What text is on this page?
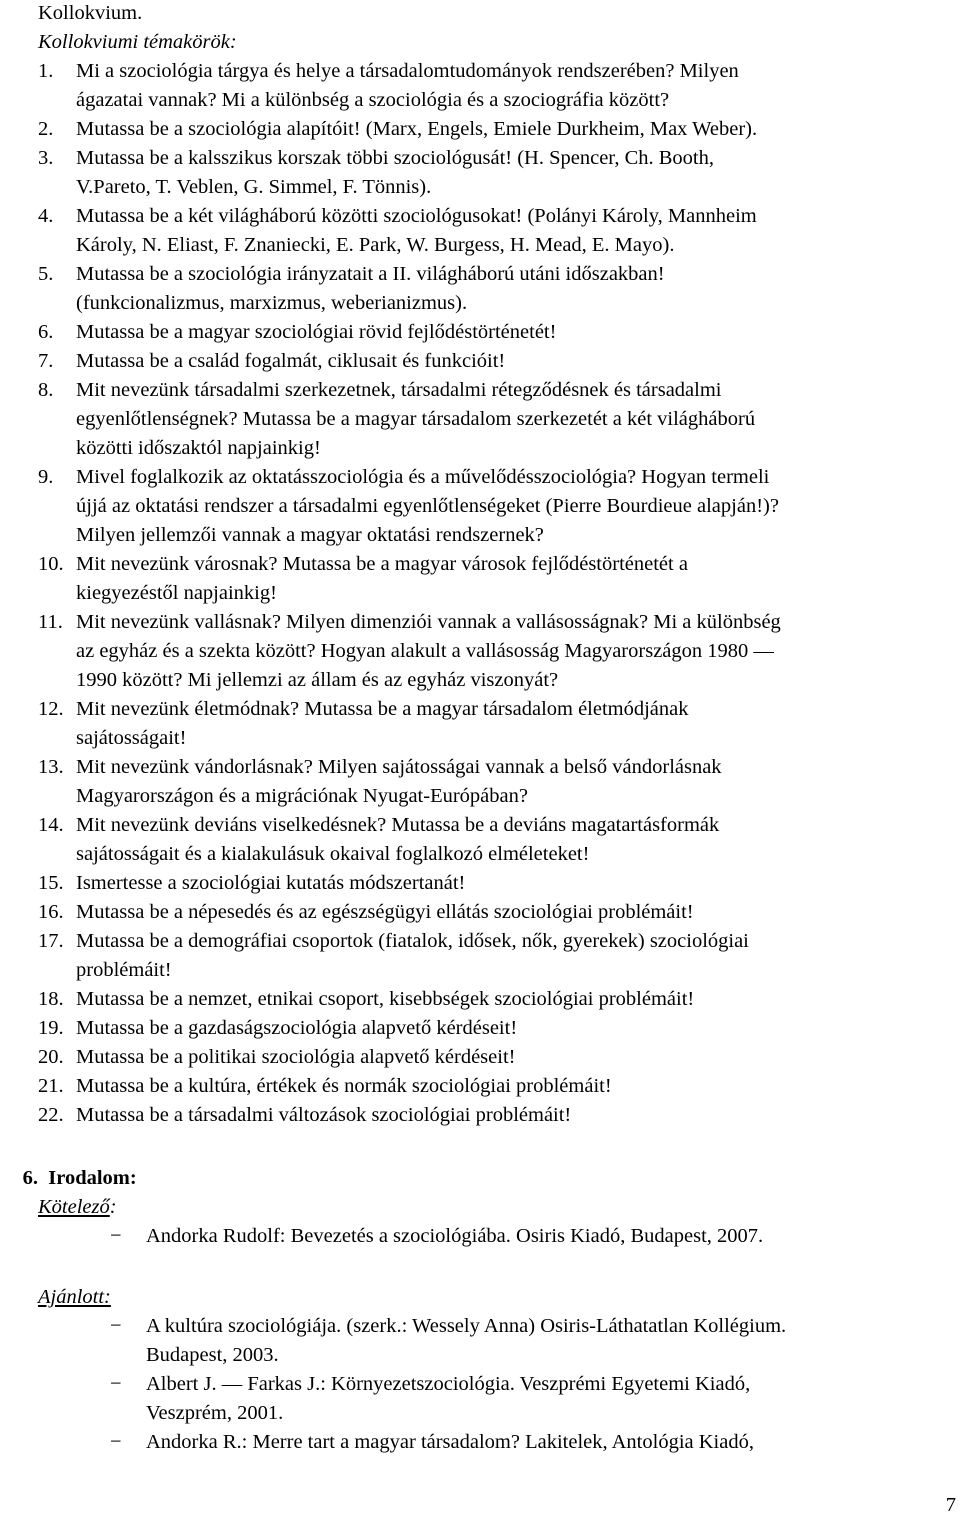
Kollokvium.
Kollokviumi témakörök:
1.	Mi a szociológia tárgya és helye a társadalomtudományok rendszerében? Milyen
ágazatai vannak? Mi a különbség a szociológia és a szociográfia között?
2.	Mutassa be a szociológia alapítóit! (Marx, Engels, Emiele Durkheim, Max Weber).
3.	Mutassa be a kalsszikus korszak többi szociológusát! (H. Spencer, Ch. Booth,
V.Pareto, T. Veblen, G. Simmel, F. Tönnis).
4.	Mutassa be a két világháború közötti szociológusokat! (Polányi Károly, Mannheim
Károly, N. Eliast, F. Znaniecki, E. Park, W. Burgess, H. Mead, E. Mayo).
5.	Mutassa be a szociológia irányzatait a II. világháború utáni időszakban!
(funkcionalizmus, marxizmus, weberianizmus).
6.	Mutassa be a magyar szociológiai rövid fejlődéstörténetét!
7.	Mutassa be a család fogalmát, ciklusait és funkcióit!
8.	Mit nevezünk társadalmi szerkezetnek, társadalmi rétegződésnek és társadalmi
egyenlőtlenségnek? Mutassa be a magyar társadalom szerkezetét a két világháború
közötti időszaktól napjainkig!
9.	Mivel foglalkozik az oktatásszociológia és a művelődésszociológia? Hogyan termeli
újjá az oktatási rendszer a társadalmi egyenlőtlenségeket (Pierre Bourdieue alapján!)?
Milyen jellemzői vannak a magyar oktatási rendszernek?
10. Mit nevezünk városnak? Mutassa be a magyar városok fejlődéstörténetét a
kiegyezéstől napjainkig!
11. Mit nevezünk vallásnak? Milyen dimenziói vannak a vallásosságnak? Mi a különbség
az egyház és a szekta között? Hogyan alakult a vallásosság Magyarországon 1980 ―
1990 között? Mi jellemzi az állam és az egyház viszonyát?
12. Mit nevezünk életmódnak? Mutassa be a magyar társadalom életmódjának
sajátosságait!
13. Mit nevezünk vándorlásnak? Milyen sajátosságai vannak a belső vándorlásnak
Magyarországon és a migrációnak Nyugat-Európában?
14. Mit nevezünk deviáns viselkedésnek? Mutassa be a deviáns magatartásformák
sajátosságait és a kialakulásuk okaival foglalkozó elméleteket!
15. Ismertesse a szociológiai kutatás módszertanát!
16. Mutassa be a népesedés és az egészségügyi ellátás szociológiai problémáit!
17. Mutassa be a demográfiai csoportok (fiatalok, idősek, nők, gyerekek) szociológiai
problémáit!
18. Mutassa be a nemzet, etnikai csoport, kisebbségek szociológiai problémáit!
19. Mutassa be a gazdaságszociológia alapvető kérdéseit!
20. Mutassa be a politikai szociológia alapvető kérdéseit!
21. Mutassa be a kultúra, értékek és normák szociológiai problémáit!
22. Mutassa be a társadalmi változások szociológiai problémáit!
6. Irodalom:
Kötelező:
−	Andorka Rudolf: Bevezetés a szociológiába. Osiris Kiadó, Budapest, 2007.
Ajánlott:
−	A kultúra szociológiája. (szerk.: Wessely Anna) Osiris-Láthatatlan Kollégium.
Budapest, 2003.
−	Albert J. ― Farkas J.: Környezetszociológia. Veszprémi Egyetemi Kiadó,
Veszprém, 2001.
−	Andorka R.: Merre tart a magyar társadalom? Lakitelek, Antológia Kiadó,
7
